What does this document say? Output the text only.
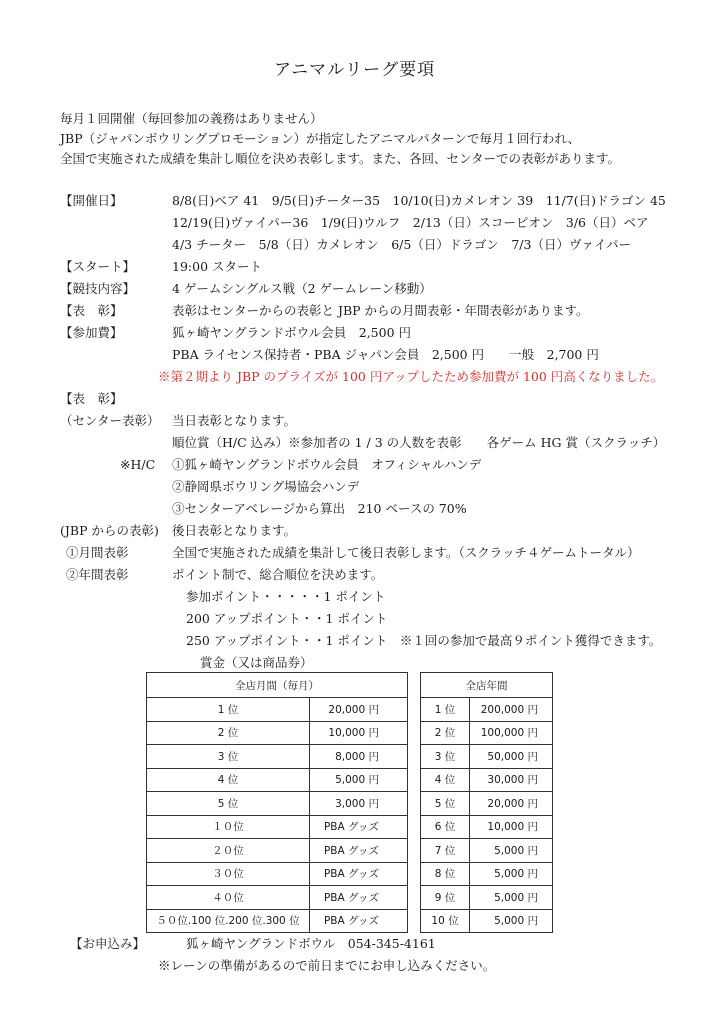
アニマルリーグ要項
毎月１回開催（毎回参加の義務はありません）
JBP（ジャパンボウリングプロモーション）が指定したアニマルパターンで毎月１回行われ、
全国で実施された成績を集計し順位を決め表彰します。また、各回、センターでの表彰があります。
【開催日】	8/8(日)ベア 41　9/5(日)チーター35　10/10(日)カメレオン 39　11/7(日)ドラゴン 45
12/19(日)ヴァイパー36　1/9(日)ウルフ　2/13（日）スコーピオン　3/6（日）ベア
4/3 チーター　5/8（日）カメレオン　6/5（日）ドラゴン　7/3（日）ヴァイパー
【スタート】	19:00 スタート
【競技内容】	4 ゲームシングルス戦（2 ゲームレーン移動）
【表　彰】	表彰はセンターからの表彰と JBP からの月間表彰・年間表彰があります。
【参加費】	狐ヶ崎ヤングランドボウル会員　2,500 円
PBA ライセンス保持者・PBA ジャパン会員　2,500 円　　一般　2,700 円
※第２期より JBP のプライズが 100 円アップしたため参加費が 100 円高くなりました。
【表　彰】
（センター表彰） 当日表彰となります。
順位賞（H/C 込み）※参加者の 1 / 3 の人数を表彰　　各ゲーム HG 賞（スクラッチ）
※H/C ①狐ヶ崎ヤングランドボウル会員　オフィシャルハンデ
②静岡県ボウリング場協会ハンデ
③センターアベレージから算出　210 ベースの 70%
(JBP からの表彰) 後日表彰となります。
①月間表彰	全国で実施された成績を集計して後日表彰します。（スクラッチ４ゲームトータル）
②年間表彰	ポイント制で、総合順位を決めます。
参加ポイント・・・・・1 ポイント
200 アップポイント・・1 ポイント
250 アップポイント・・1 ポイント　※１回の参加で最高９ポイント獲得できます。
賞金（又は商品券）
全店月間（毎月）	
1 位	20,000 円
2 位	10,000 円
3 位	8,000 円
4 位	5,000 円
5 位	3,000 円
１０位	PBA グッズ
２０位	PBA グッズ
３０位	PBA グッズ
４０位	PBA グッズ
５０位.100 位.200 位.300 位	PBA グッズ
全店年間	
1 位	200,000 円
2 位	100,000 円
3 位	50,000 円
4 位	30,000 円
5 位	20,000 円
6 位	10,000 円
7 位	5,000 円
8 位	5,000 円
9 位	5,000 円
10 位	5,000 円
【お申込み】	狐ヶ崎ヤングランドボウル　054-345-4161
※レーンの準備があるので前日までにお申し込みください。
